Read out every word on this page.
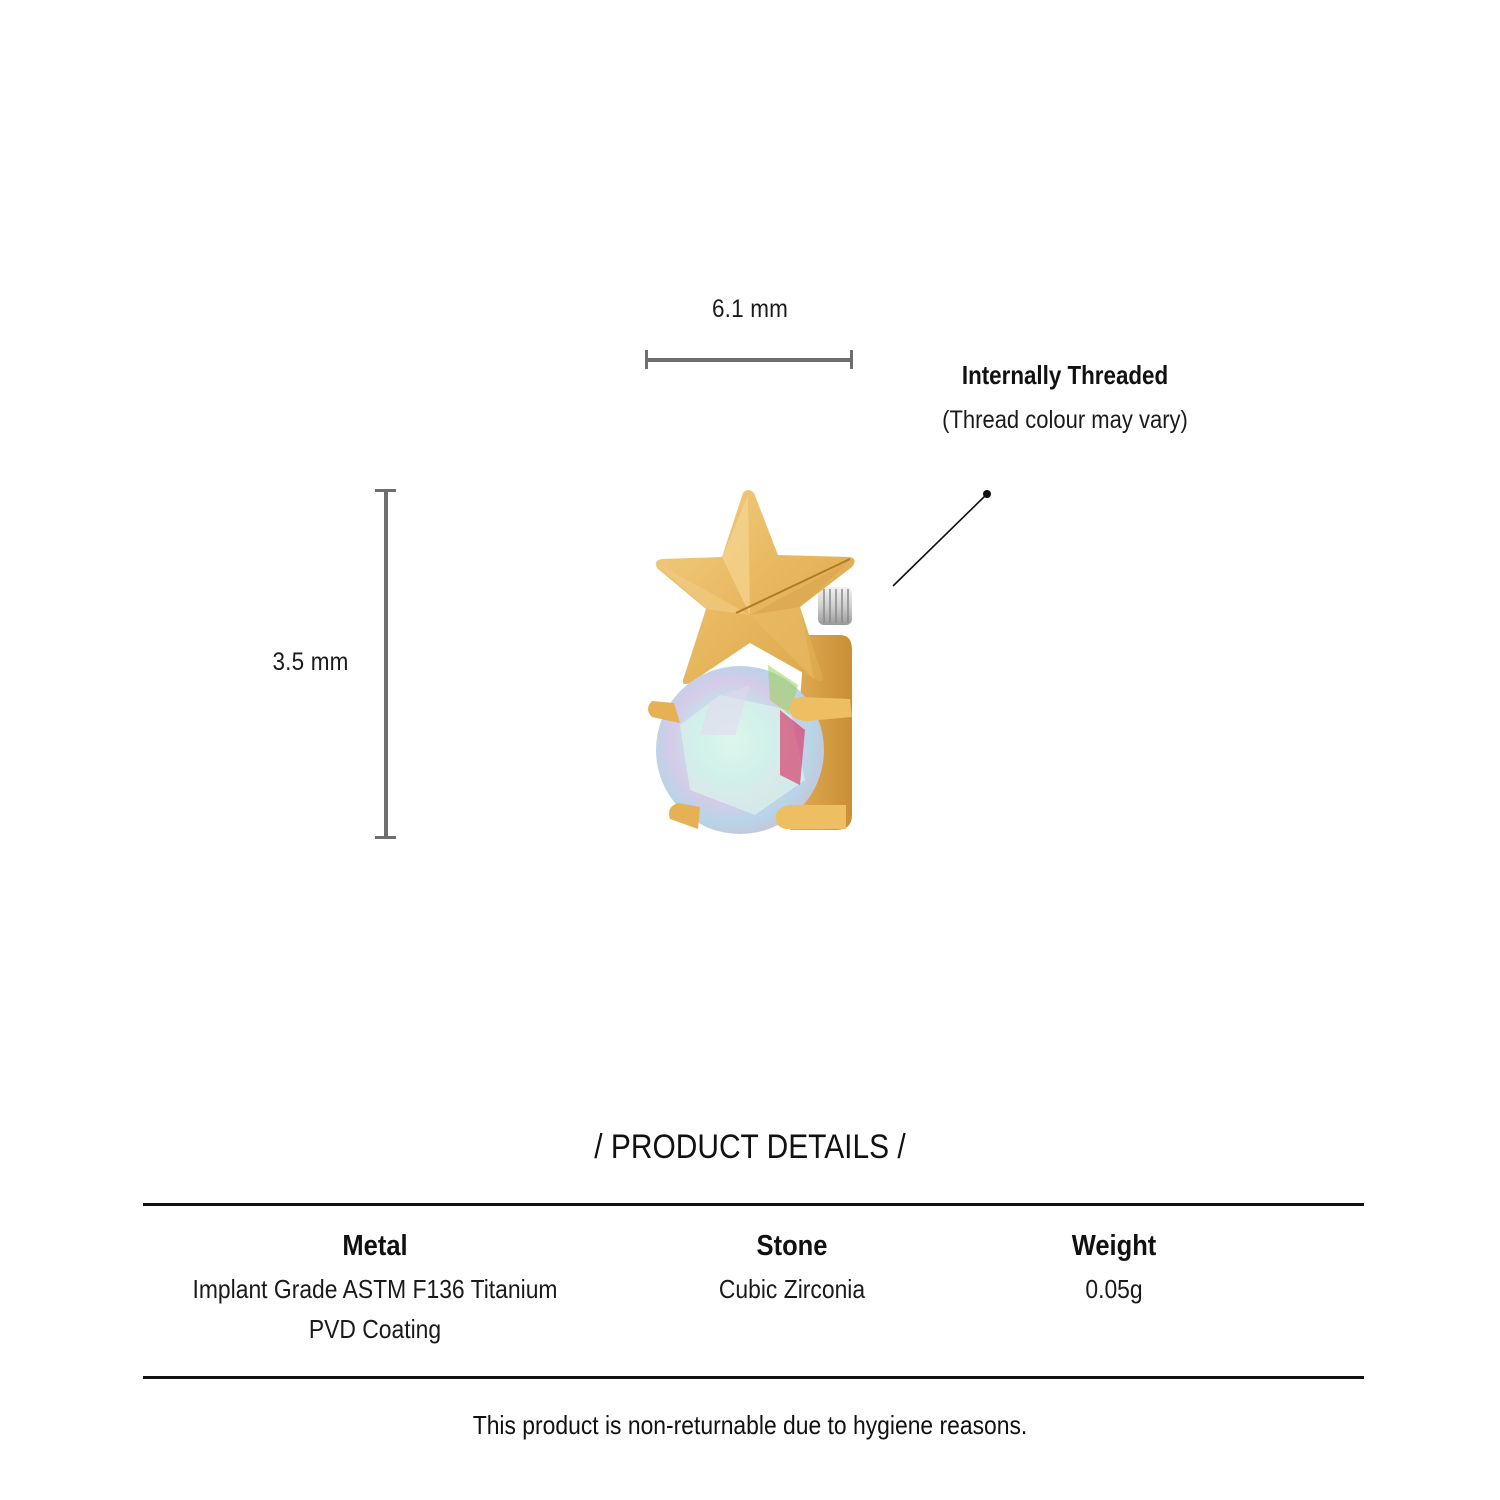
6.1 mm
3.5 mm
Internally Threaded
(Thread colour may vary)
/ PRODUCT DETAILS /
Metal
Implant Grade ASTM F136 Titanium
PVD Coating
Stone
Cubic Zirconia
Weight
0.05g
This product is non-returnable due to hygiene reasons.
